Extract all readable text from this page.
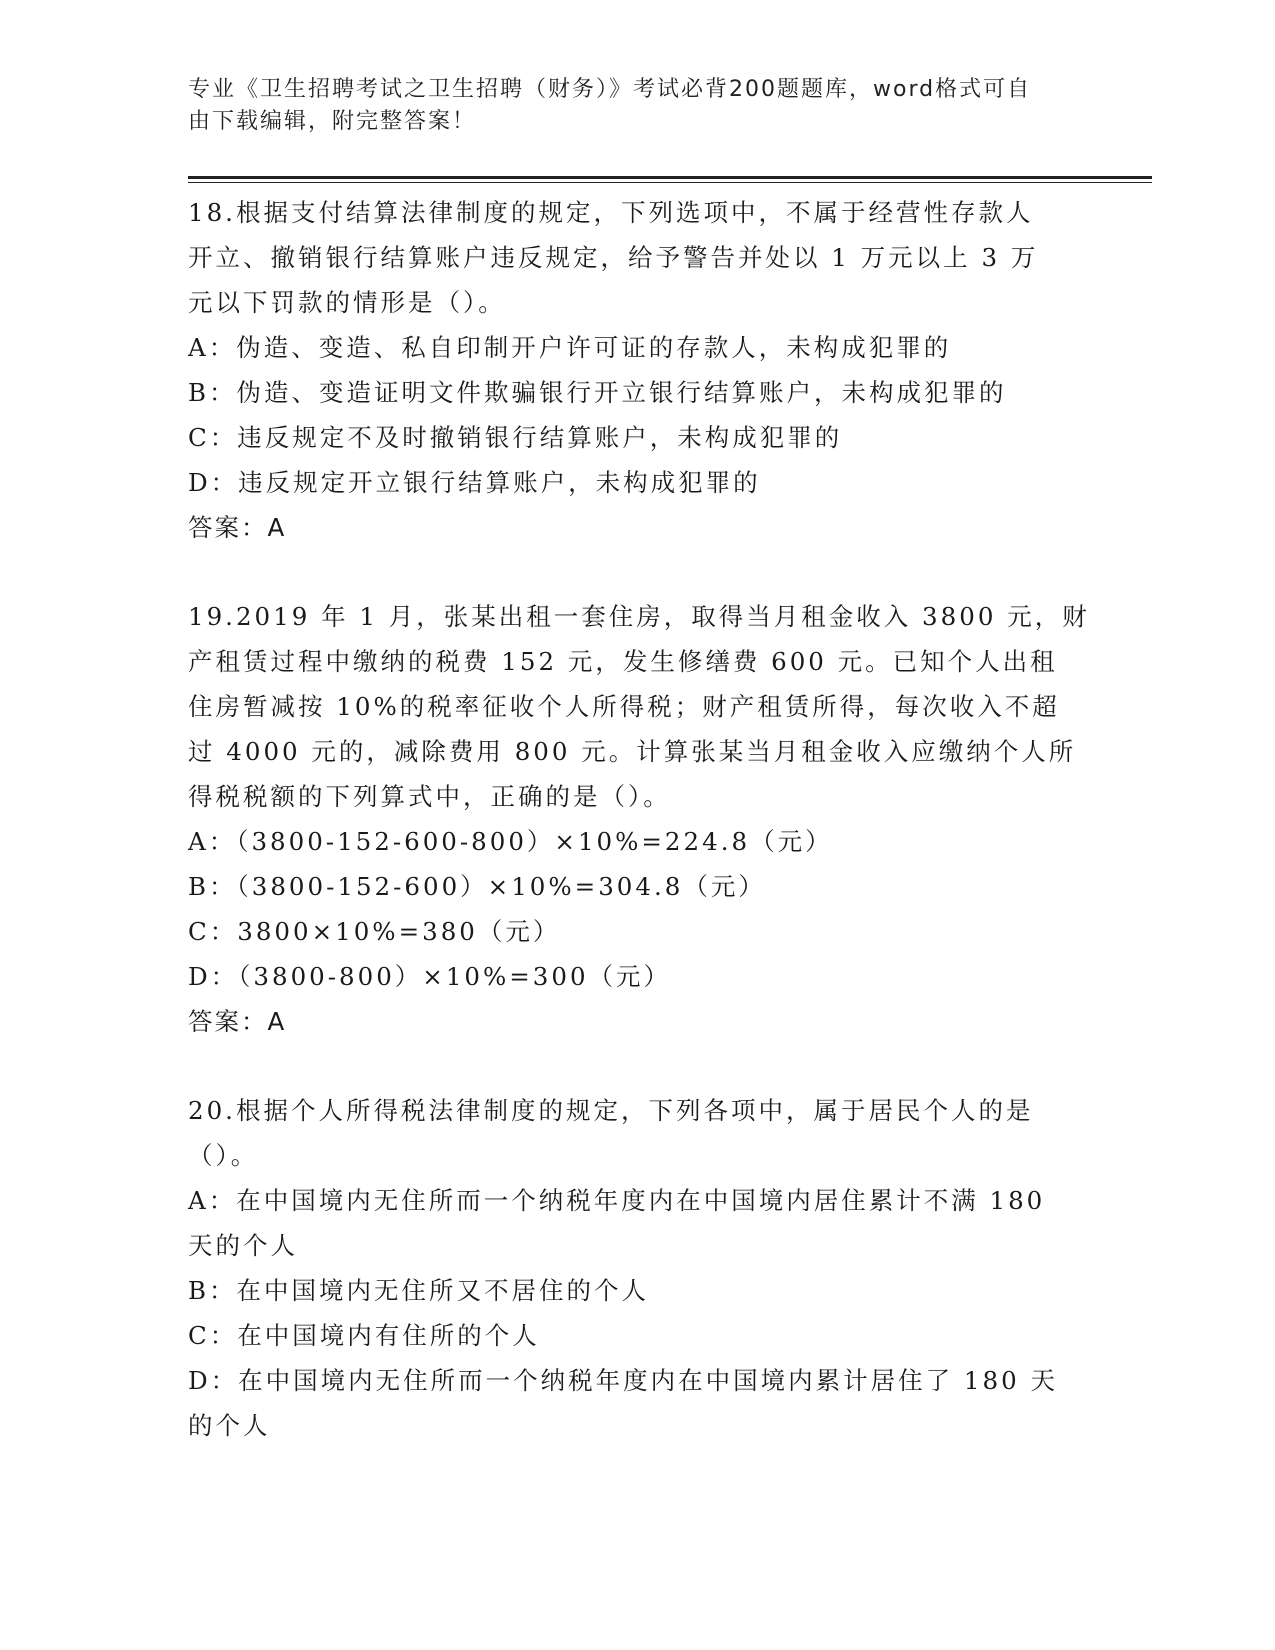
专业《卫生招聘考试之卫生招聘（财务）》考试必背200题题库，word格式可自
由下载编辑，附完整答案！
18.根据支付结算法律制度的规定，下列选项中，不属于经营性存款人
开立、撤销银行结算账户违反规定，给予警告并处以 1 万元以上 3 万
元以下罚款的情形是（）。
A：伪造、变造、私自印制开户许可证的存款人，未构成犯罪的
B：伪造、变造证明文件欺骗银行开立银行结算账户，未构成犯罪的
C：违反规定不及时撤销银行结算账户，未构成犯罪的
D：违反规定开立银行结算账户，未构成犯罪的
答案：A
19.2019 年 1 月，张某出租一套住房，取得当月租金收入 3800 元，财
产租赁过程中缴纳的税费 152 元，发生修缮费 600 元。已知个人出租
住房暂减按 10%的税率征收个人所得税；财产租赁所得，每次收入不超
过 4000 元的，减除费用 800 元。计算张某当月租金收入应缴纳个人所
得税税额的下列算式中，正确的是（）。
A：（3800-152-600-800）×10%=224.8（元）
B：（3800-152-600）×10%=304.8（元）
C：3800×10%=380（元）
D：（3800-800）×10%=300（元）
答案：A
20.根据个人所得税法律制度的规定，下列各项中，属于居民个人的是
（）。
A：在中国境内无住所而一个纳税年度内在中国境内居住累计不满 180
天的个人
B：在中国境内无住所又不居住的个人
C：在中国境内有住所的个人
D：在中国境内无住所而一个纳税年度内在中国境内累计居住了 180 天
的个人
